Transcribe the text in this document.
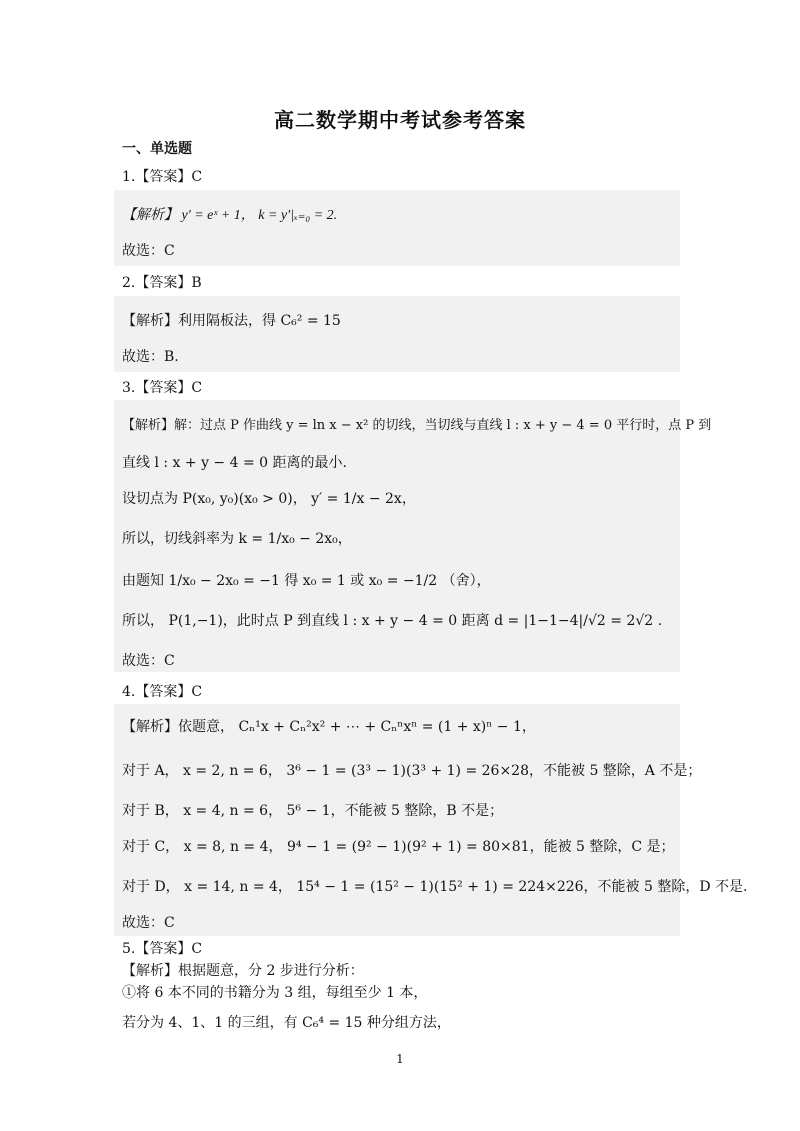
高二数学期中考试参考答案
一、单选题
1.【答案】C
【解析】 y' = eˣ + 1， k = y'|ₓ₌₀ = 2.
故选：C
2.【答案】B
【解析】利用隔板法，得 C₆² = 15
故选：B.
3.【答案】C
【解析】解：过点 P 作曲线 y = ln x − x² 的切线，当切线与直线 l : x + y − 4 = 0 平行时，点 P 到
直线 l : x + y − 4 = 0 距离的最小.
设切点为 P(x₀, y₀)(x₀ > 0)， y′ = 1/x − 2x，
所以，切线斜率为 k = 1/x₀ − 2x₀，
由题知 1/x₀ − 2x₀ = −1 得 x₀ = 1 或 x₀ = −1/2 （舍），
所以， P(1,−1)，此时点 P 到直线 l : x + y − 4 = 0 距离 d = |1−1−4|/√2 = 2√2 .
故选：C
4.【答案】C
【解析】依题意， Cₙ¹x + Cₙ²x² + ⋯ + Cₙⁿxⁿ = (1 + x)ⁿ − 1，
对于 A， x = 2, n = 6， 3⁶ − 1 = (3³ − 1)(3³ + 1) = 26×28，不能被 5 整除，A 不是；
对于 B， x = 4, n = 6， 5⁶ − 1，不能被 5 整除，B 不是；
对于 C， x = 8, n = 4， 9⁴ − 1 = (9² − 1)(9² + 1) = 80×81，能被 5 整除，C 是；
对于 D， x = 14, n = 4， 15⁴ − 1 = (15² − 1)(15² + 1) = 224×226，不能被 5 整除，D 不是.
故选：C
5.【答案】C
【解析】根据题意，分 2 步进行分析：
①将 6 本不同的书籍分为 3 组，每组至少 1 本，
若分为 4、1、1 的三组，有 C₆⁴ = 15 种分组方法，
1
